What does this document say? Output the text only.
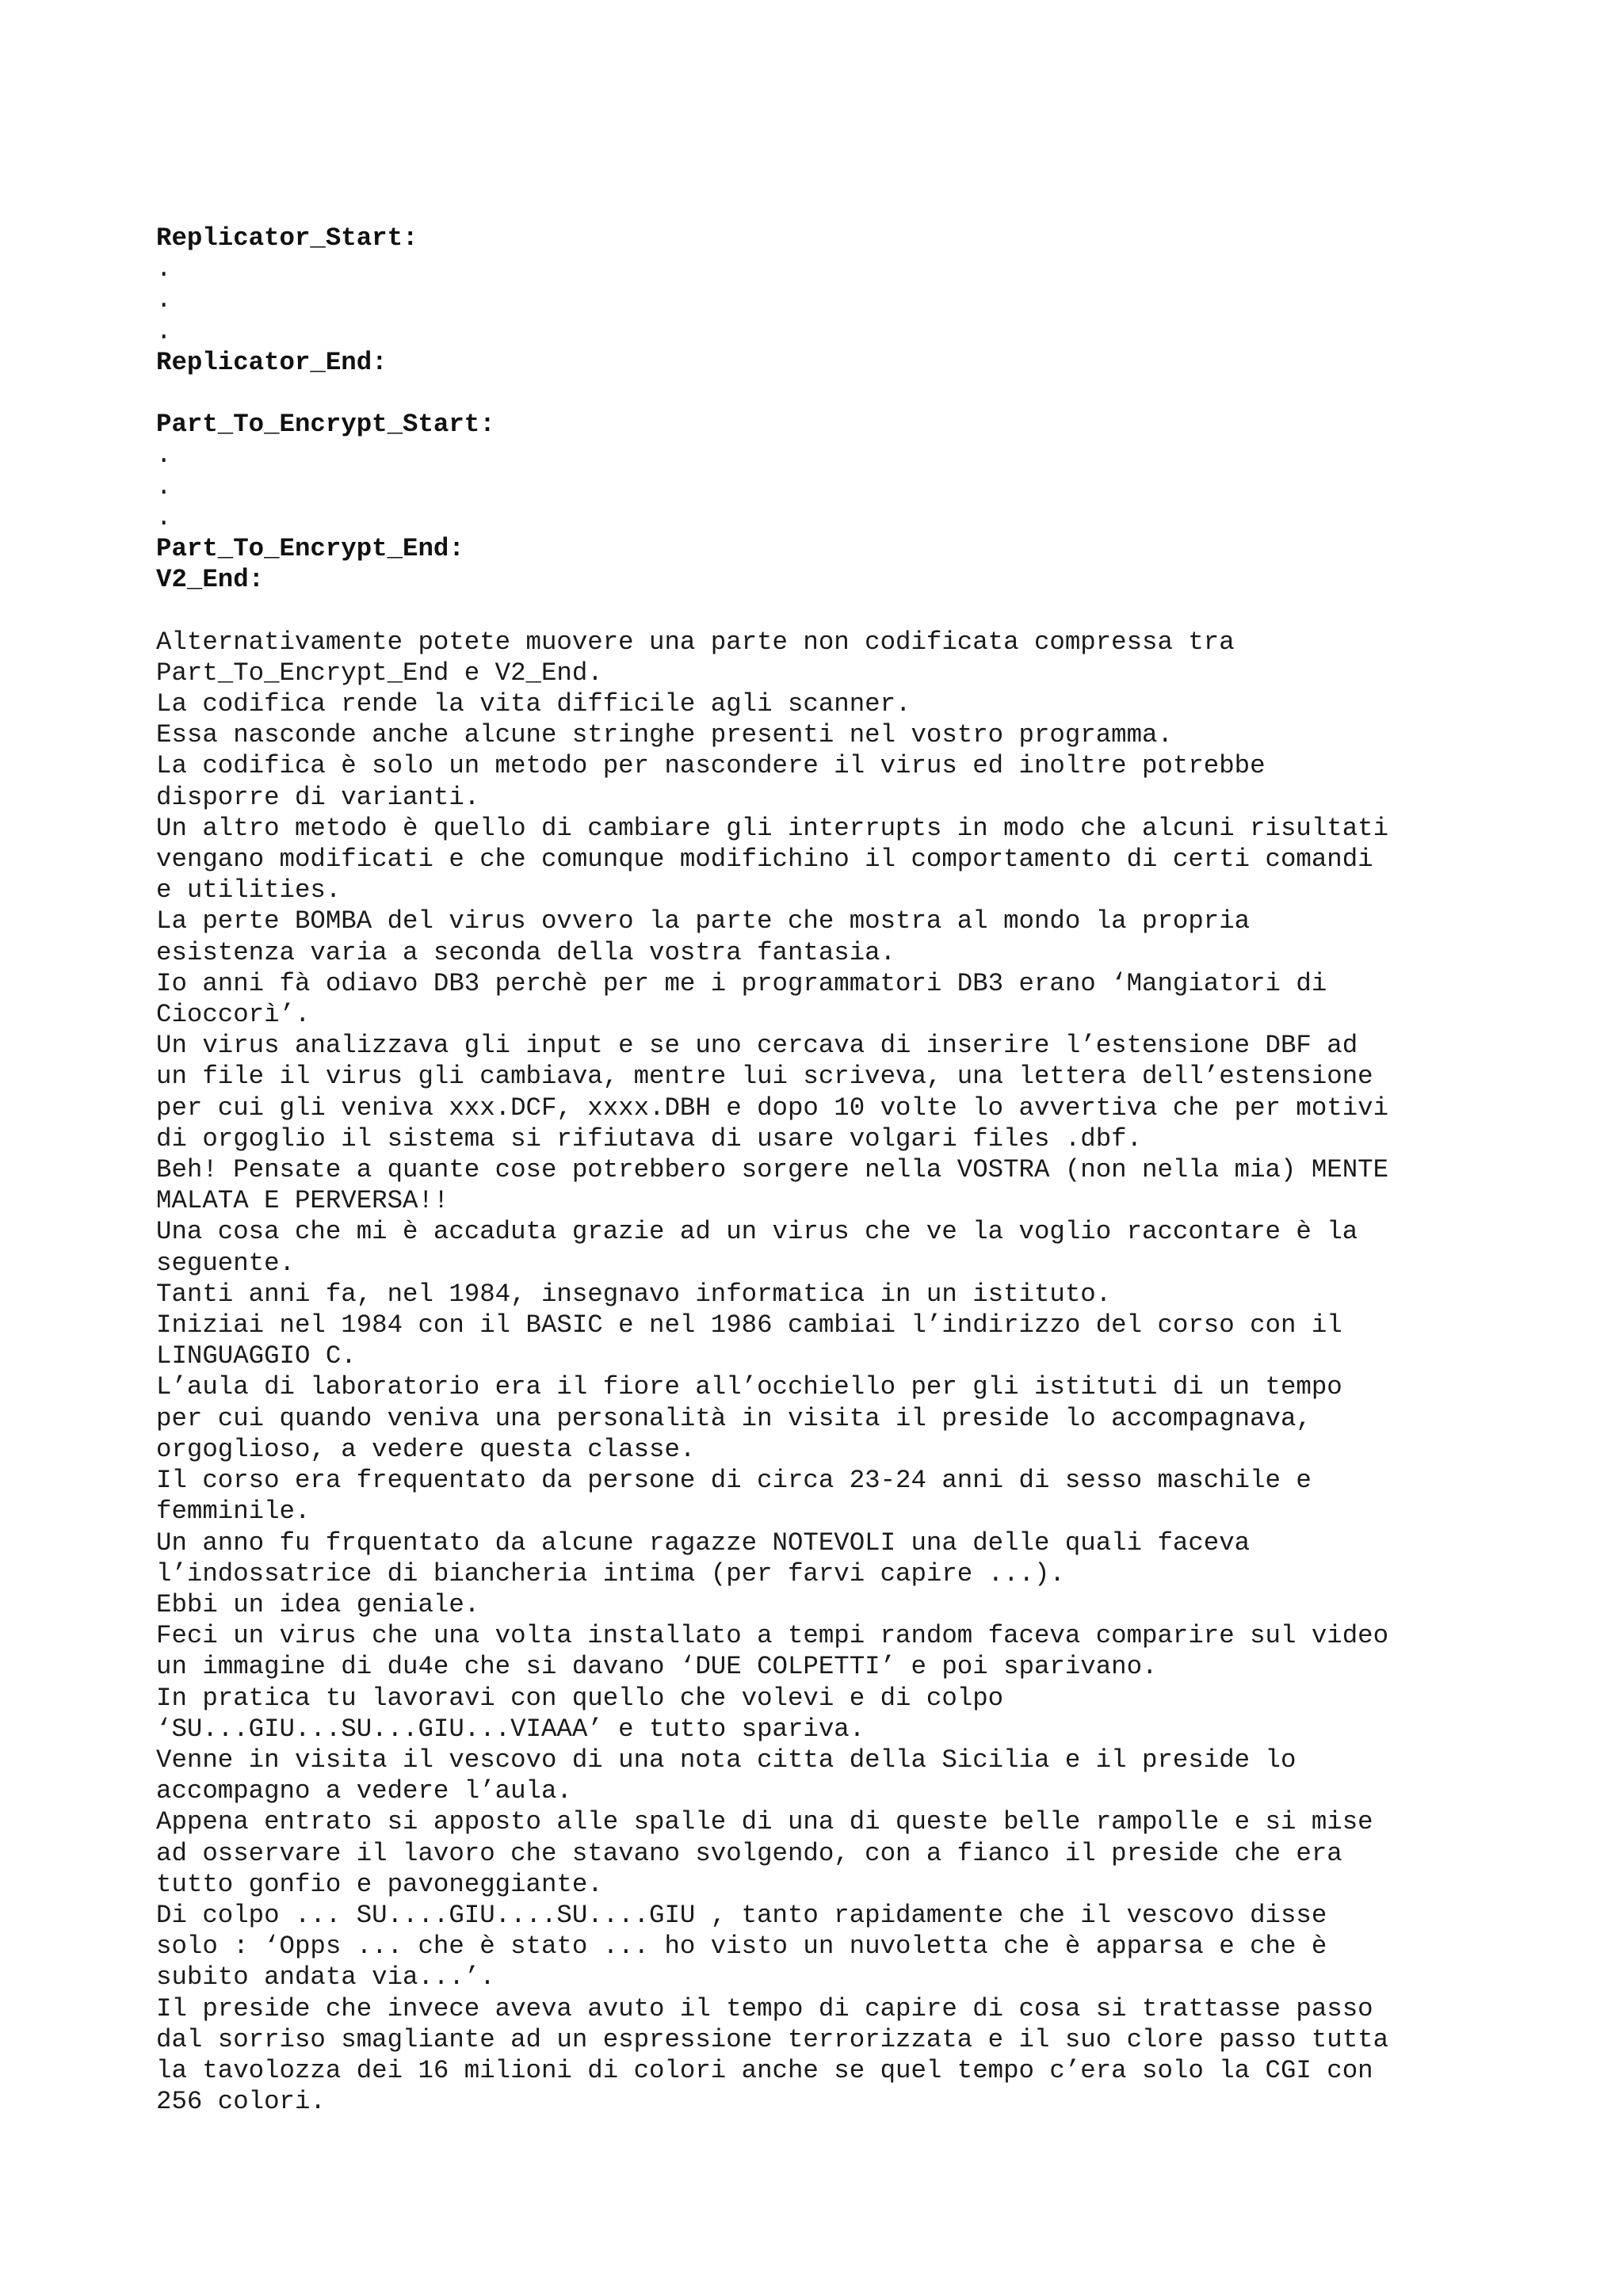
Replicator_Start:
.
.
.
Replicator_End:
Part_To_Encrypt_Start:
.
.
.
Part_To_Encrypt_End:
V2_End:
Alternativamente potete muovere una parte non codificata compressa tra
Part_To_Encrypt_End e V2_End.
La codifica rende la vita difficile agli scanner.
Essa nasconde anche alcune stringhe presenti nel vostro programma.
La codifica è solo un metodo per nascondere il virus ed inoltre potrebbe
disporre di varianti.
Un altro metodo è quello di cambiare gli interrupts in modo che alcuni risultati
vengano modificati e che comunque modifichino il comportamento di certi comandi
e utilities.
La perte BOMBA del virus ovvero la parte che mostra al mondo la propria
esistenza varia a seconda della vostra fantasia.
Io anni fà odiavo DB3 perchè per me i programmatori DB3 erano ‘Mangiatori di
Cioccorì’.
Un virus analizzava gli input e se uno cercava di inserire l’estensione DBF ad
un file il virus gli cambiava, mentre lui scriveva, una lettera dell’estensione
per cui gli veniva xxx.DCF, xxxx.DBH e dopo 10 volte lo avvertiva che per motivi
di orgoglio il sistema si rifiutava di usare volgari files .dbf.
Beh! Pensate a quante cose potrebbero sorgere nella VOSTRA (non nella mia) MENTE
MALATA E PERVERSA!!
Una cosa che mi è accaduta grazie ad un virus che ve la voglio raccontare è la
seguente.
Tanti anni fa, nel 1984, insegnavo informatica in un istituto.
Iniziai nel 1984 con il BASIC e nel 1986 cambiai l’indirizzo del corso con il
LINGUAGGIO C.
L’aula di laboratorio era il fiore all’occhiello per gli istituti di un tempo
per cui quando veniva una personalità in visita il preside lo accompagnava,
orgoglioso, a vedere questa classe.
Il corso era frequentato da persone di circa 23-24 anni di sesso maschile e
femminile.
Un anno fu frquentato da alcune ragazze NOTEVOLI una delle quali faceva
l’indossatrice di biancheria intima (per farvi capire ...).
Ebbi un idea geniale.
Feci un virus che una volta installato a tempi random faceva comparire sul video
un immagine di du4e che si davano ‘DUE COLPETTI’ e poi sparivano.
In pratica tu lavoravi con quello che volevi e di colpo
‘SU...GIU...SU...GIU...VIAAA’ e tutto spariva.
Venne in visita il vescovo di una nota citta della Sicilia e il preside lo
accompagno a vedere l’aula.
Appena entrato si apposto alle spalle di una di queste belle rampolle e si mise
ad osservare il lavoro che stavano svolgendo, con a fianco il preside che era
tutto gonfio e pavoneggiante.
Di colpo ... SU....GIU....SU....GIU , tanto rapidamente che il vescovo disse
solo : ‘Opps ... che è stato ... ho visto un nuvoletta che è apparsa e che è
subito andata via...’.
Il preside che invece aveva avuto il tempo di capire di cosa si trattasse passo
dal sorriso smagliante ad un espressione terrorizzata e il suo clore passo tutta
la tavolozza dei 16 milioni di colori anche se quel tempo c’era solo la CGI con
256 colori.
